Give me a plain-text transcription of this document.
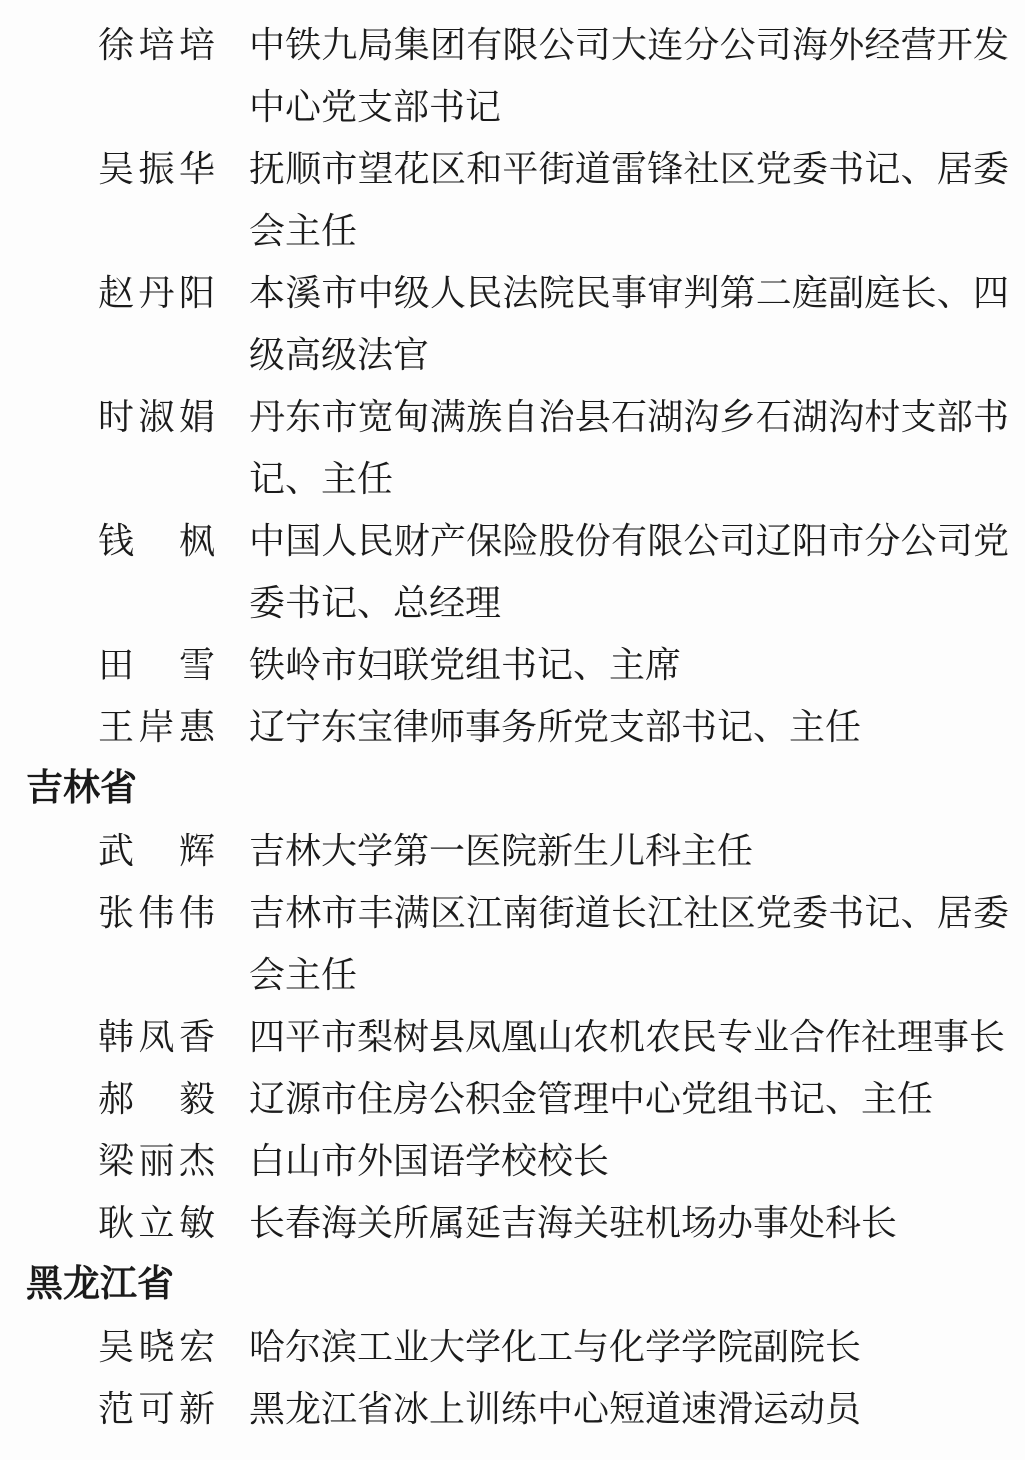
徐培培 中铁九局集团有限公司大连分公司海外经营开发中心党支部书记
吴振华 抚顺市望花区和平街道雷锋社区党委书记、居委会主任
赵丹阳 本溪市中级人民法院民事审判第二庭副庭长、四级高级法官
时淑娟 丹东市宽甸满族自治县石湖沟乡石湖沟村支部书记、主任
钱枫 中国人民财产保险股份有限公司辽阳市分公司党委书记、总经理
田雪 铁岭市妇联党组书记、主席
王岸惠 辽宁东宝律师事务所党支部书记、主任
吉林省
武辉 吉林大学第一医院新生儿科主任
张伟伟 吉林市丰满区江南街道长江社区党委书记、居委会主任
韩凤香 四平市梨树县凤凰山农机农民专业合作社理事长
郝毅 辽源市住房公积金管理中心党组书记、主任
梁丽杰 白山市外国语学校校长
耿立敏 长春海关所属延吉海关驻机场办事处科长
黑龙江省
吴晓宏 哈尔滨工业大学化工与化学学院副院长
范可新 黑龙江省冰上训练中心短道速滑运动员
